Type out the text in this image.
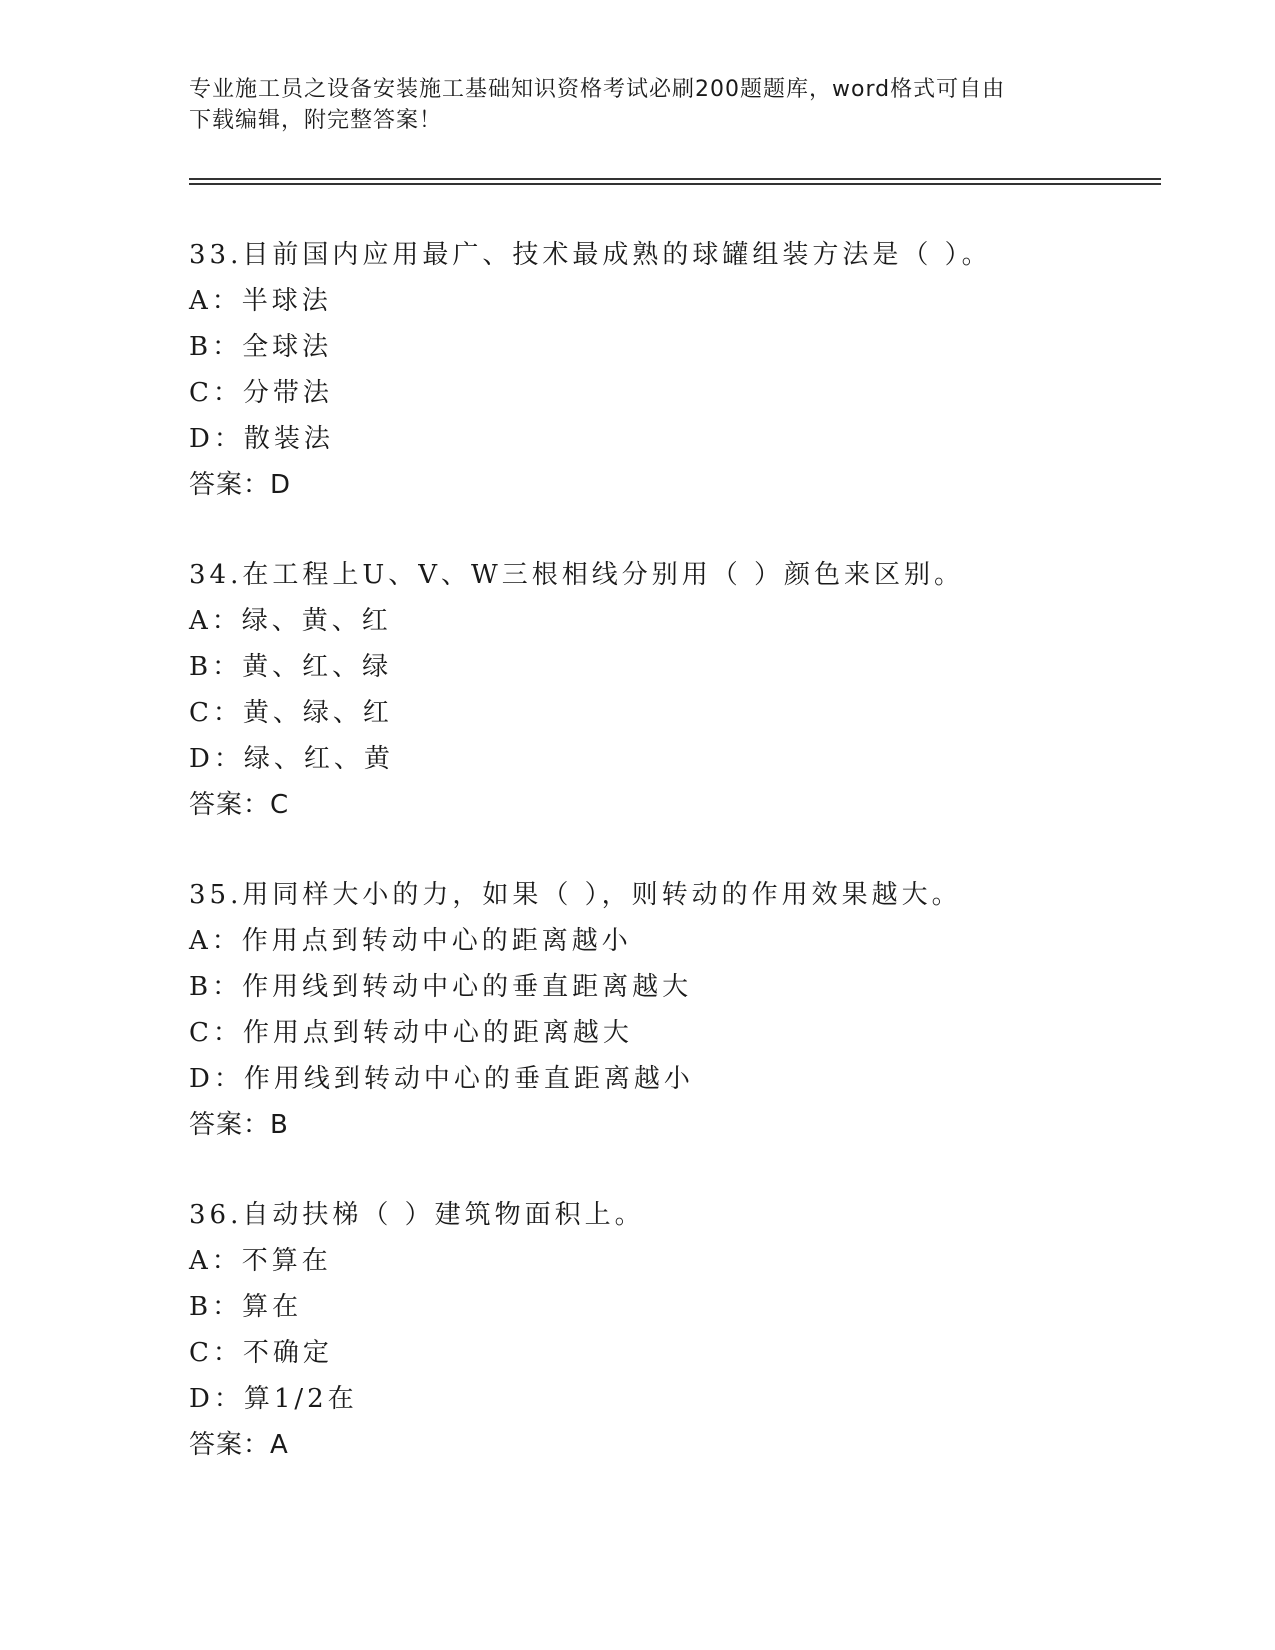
专业施工员之设备安装施工基础知识资格考试必刷200题题库，word格式可自由
下载编辑，附完整答案！
33.目前国内应用最广、技术最成熟的球罐组装方法是（ ）。
A：半球法
B：全球法
C：分带法
D：散装法
答案：D
34.在工程上U、V、W三根相线分别用（ ）颜色来区别。
A：绿、黄、红
B：黄、红、绿
C：黄、绿、红
D：绿、红、黄
答案：C
35.用同样大小的力，如果（ ），则转动的作用效果越大。
A：作用点到转动中心的距离越小
B：作用线到转动中心的垂直距离越大
C：作用点到转动中心的距离越大
D：作用线到转动中心的垂直距离越小
答案：B
36.自动扶梯（ ）建筑物面积上。
A：不算在
B：算在
C：不确定
D：算1/2在
答案：A
